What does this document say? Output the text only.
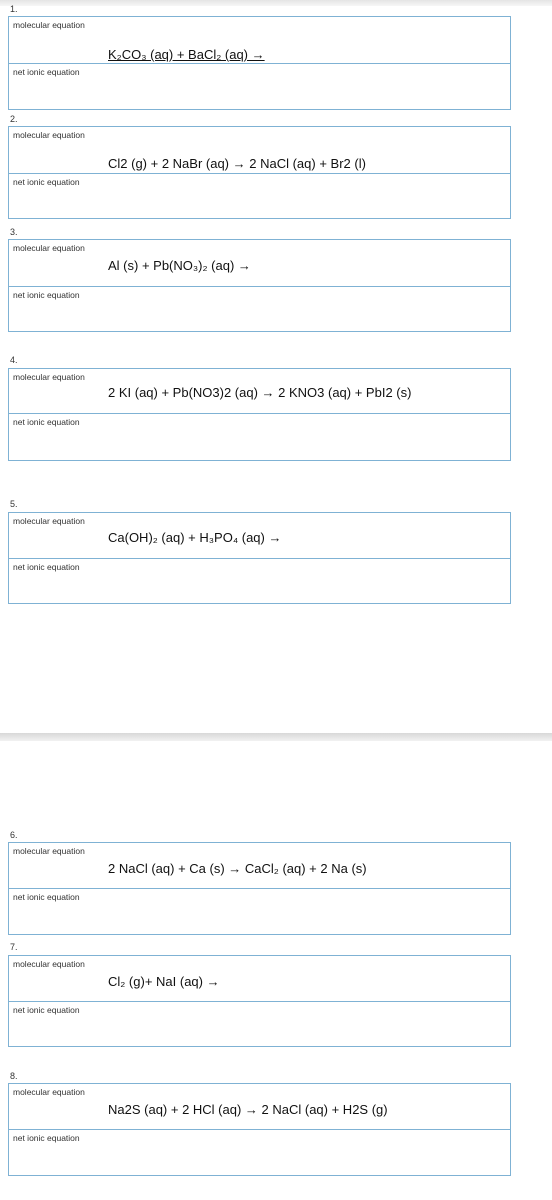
1.
molecular equation
K₂CO₃ (aq) + BaCl₂ (aq) →
net ionic equation
2.
molecular equation
Cl2 (g) + 2 NaBr (aq) → 2 NaCl (aq) + Br2 (l)
net ionic equation
3.
molecular equation
Al (s) + Pb(NO₃)₂ (aq) →
net ionic equation
4.
molecular equation
2 KI (aq) + Pb(NO3)2 (aq) → 2 KNO3 (aq) + PbI2 (s)
net ionic equation
5.
molecular equation
Ca(OH)₂ (aq) + H₃PO₄ (aq) →
net ionic equation
6.
molecular equation
2 NaCl (aq) + Ca (s) → CaCl₂ (aq) + 2 Na (s)
net ionic equation
7.
molecular equation
Cl₂ (g)+ NaI (aq) →
net ionic equation
8.
molecular equation
Na2S (aq) + 2 HCl (aq) → 2 NaCl (aq) + H2S (g)
net ionic equation
